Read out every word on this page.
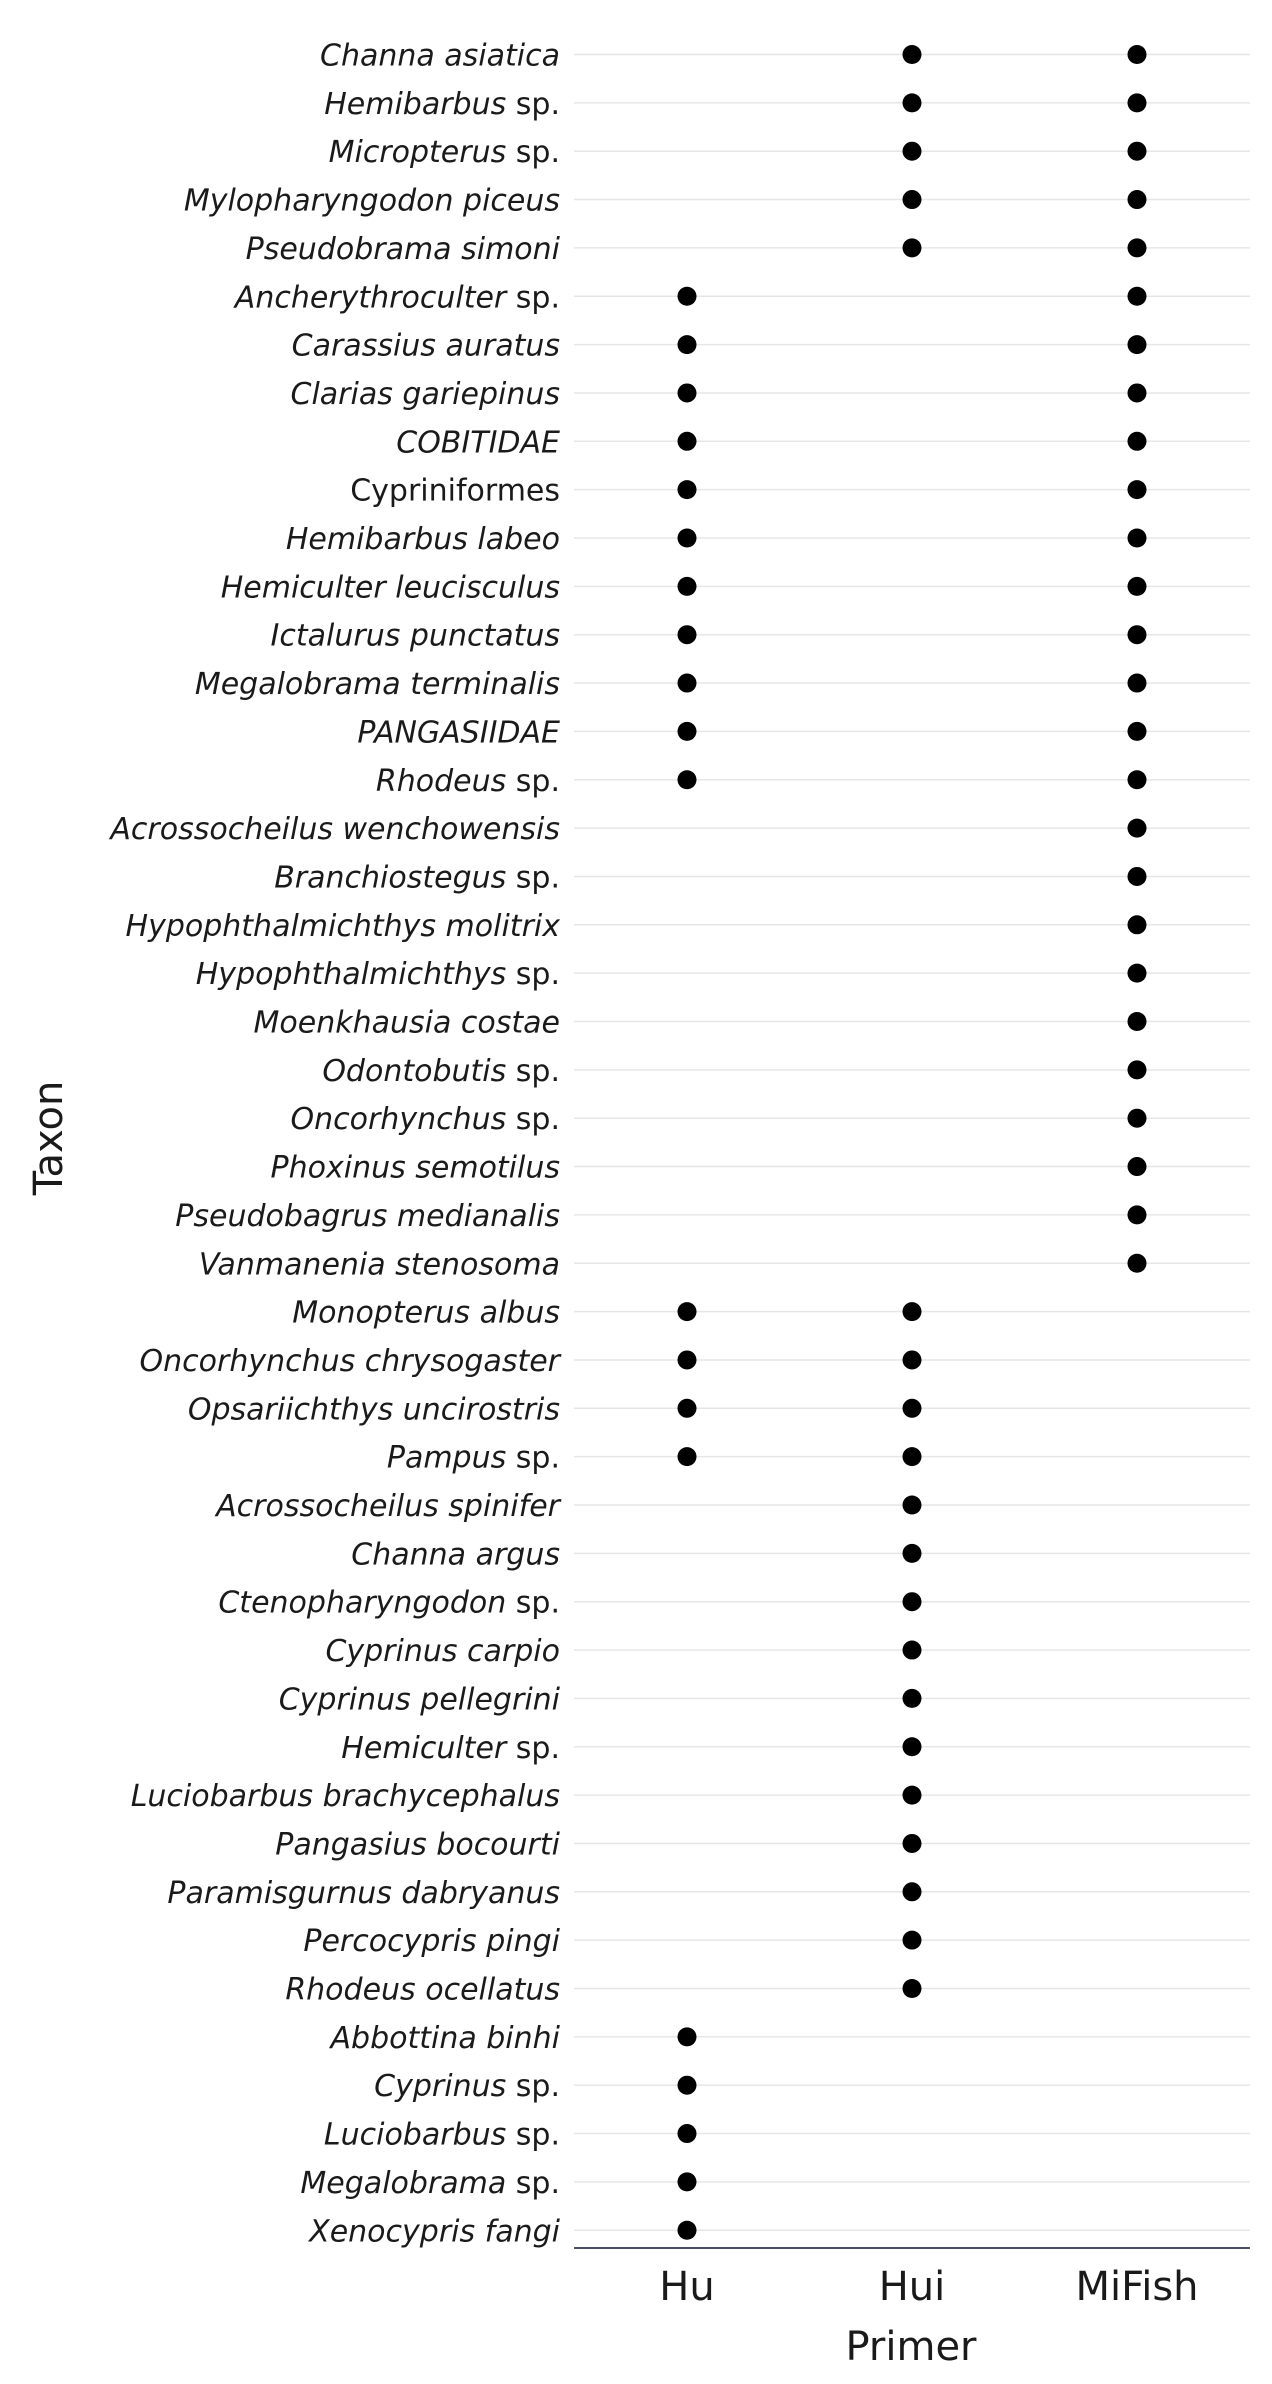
Channa asiatica
Hemibarbus sp.
Micropterus sp.
Mylopharyngodon piceus
Pseudobrama simoni
Ancherythroculter sp.
Carassius auratus
Clarias gariepinus
COBITIDAE
Cypriniformes
Hemibarbus labeo
Hemiculter leucisculus
Ictalurus punctatus
Megalobrama terminalis
PANGASIIDAE
Rhodeus sp.
Acrossocheilus wenchowensis
Branchiostegus sp.
Hypophthalmichthys molitrix
Hypophthalmichthys sp.
Moenkhausia costae
Odontobutis sp.
Oncorhynchus sp.
Phoxinus semotilus
Pseudobagrus medianalis
Vanmanenia stenosoma
Monopterus albus
Oncorhynchus chrysogaster
Opsariichthys uncirostris
Pampus sp.
Acrossocheilus spinifer
Channa argus
Ctenopharyngodon sp.
Cyprinus carpio
Cyprinus pellegrini
Hemiculter sp.
Luciobarbus brachycephalus
Pangasius bocourti
Paramisgurnus dabryanus
Percocypris pingi
Rhodeus ocellatus
Abbottina binhi
Cyprinus sp.
Luciobarbus sp.
Megalobrama sp.
Xenocypris fangi
Hu	Hui	MiFish
Primer
Taxon
